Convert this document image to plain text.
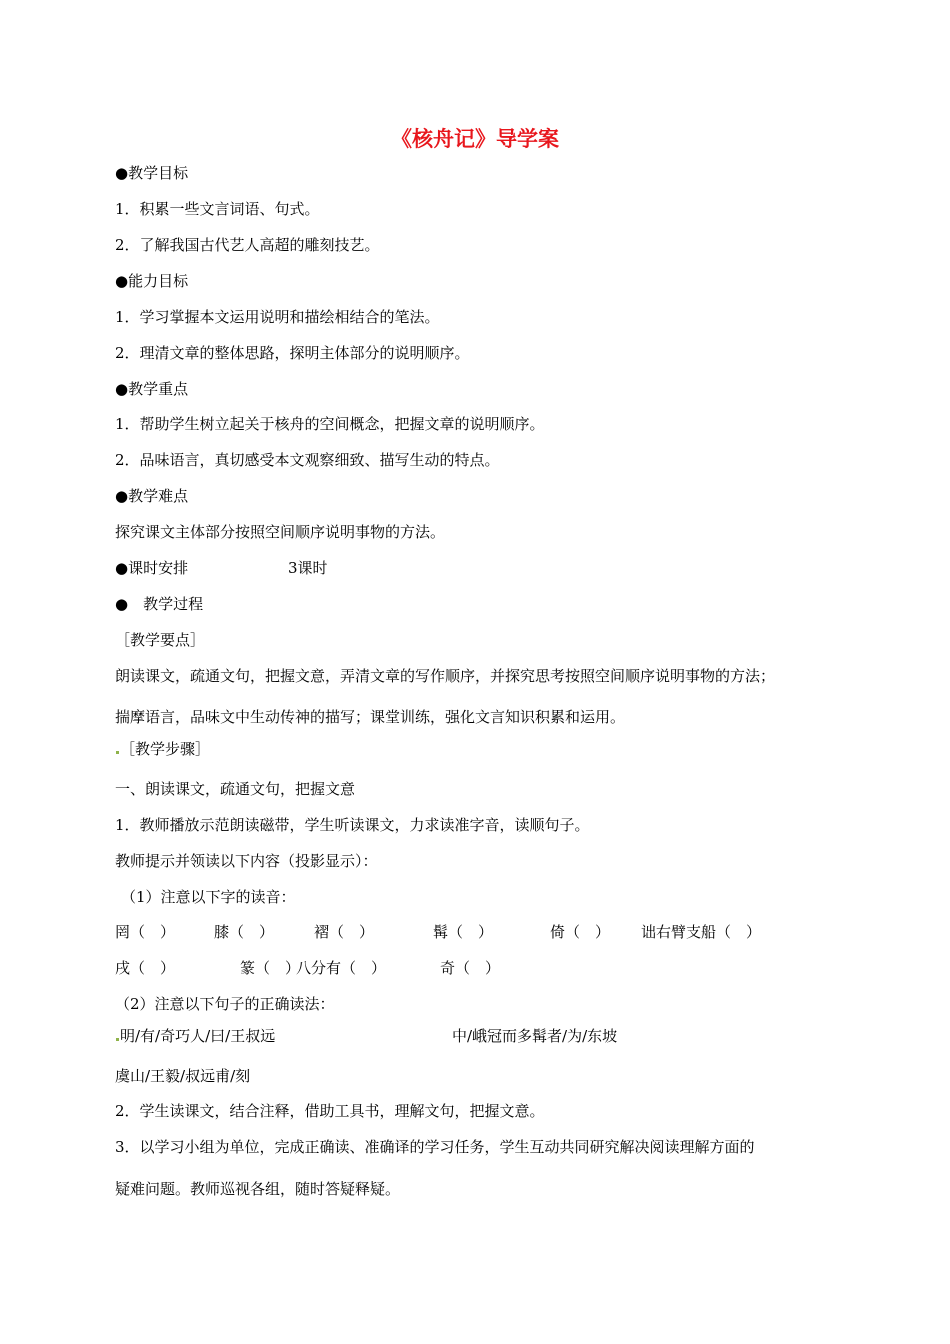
《核舟记》导学案
●教学目标
1．积累一些文言词语、句式。
2．了解我国古代艺人高超的雕刻技艺。
●能力目标
1．学习掌握本文运用说明和描绘相结合的笔法。
2．理清文章的整体思路，探明主体部分的说明顺序。
●教学重点
1．帮助学生树立起关于核舟的空间概念，把握文章的说明顺序。
2．品味语言，真切感受本文观察细致、描写生动的特点。
●教学难点
探究课文主体部分按照空间顺序说明事物的方法。
●课时安排	3课时
●　教学过程
［教学要点］
朗读课文，疏通文句，把握文意，弄清文章的写作顺序，并探究思考按照空间顺序说明事物的方法；
揣摩语言，品味文中生动传神的描写；课堂训练，强化文言知识积累和运用。
［教学步骤］
一、朗读课文，疏通文句，把握文意
1．教师播放示范朗读磁带，学生听读课文，力求读准字音，读顺句子。
教师提示并领读以下内容（投影显示）：
（1）注意以下字的读音：
罔（　）	膝（　）	褶（　）	髯（　）	倚（　） 诎右臂支船（　）
戌（　）	篆（　）
八分有（　）	奇（　）
（2）注意以下句子的正确读法：
明/有/奇巧人/曰/王叔远	中/峨冠而多髯者/为/东坡
虞山/王毅/叔远甫/刻
2．学生读课文，结合注释，借助工具书，理解文句，把握文意。
3．以学习小组为单位，完成正确读、准确译的学习任务，学生互动共同研究解决阅读理解方面的
疑难问题。教师巡视各组，随时答疑释疑。
